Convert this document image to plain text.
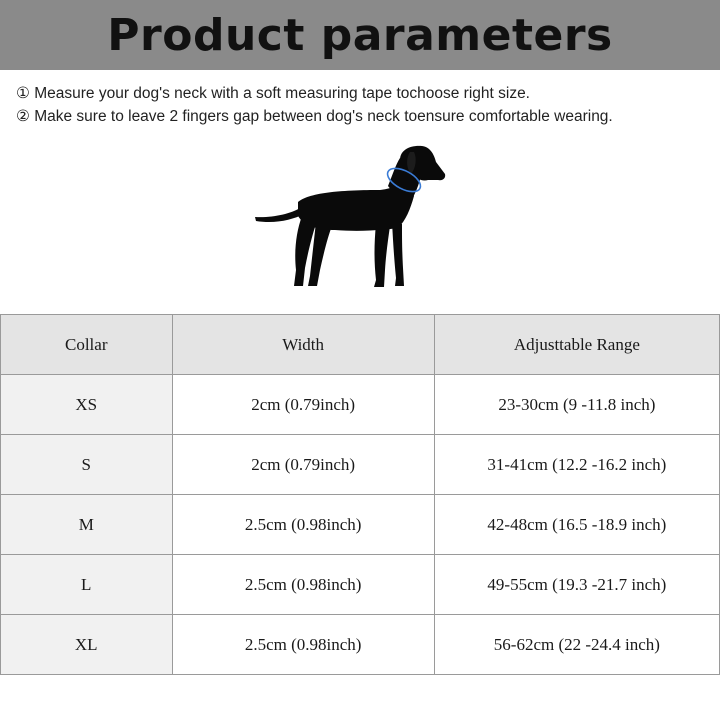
Product parameters
① Measure your dog's neck with a soft measuring tape tochoose right size.
② Make sure to leave 2 fingers gap between dog's neck toensure comfortable wearing.
Collar	Width	Adjusttable Range
XS	2cm (0.79inch)	23-30cm (9 -11.8 inch)
S	2cm (0.79inch)	31-41cm (12.2 -16.2 inch)
M	2.5cm (0.98inch)	42-48cm (16.5 -18.9 inch)
L	2.5cm (0.98inch)	49-55cm (19.3 -21.7 inch)
XL	2.5cm (0.98inch)	56-62cm (22 -24.4 inch)
